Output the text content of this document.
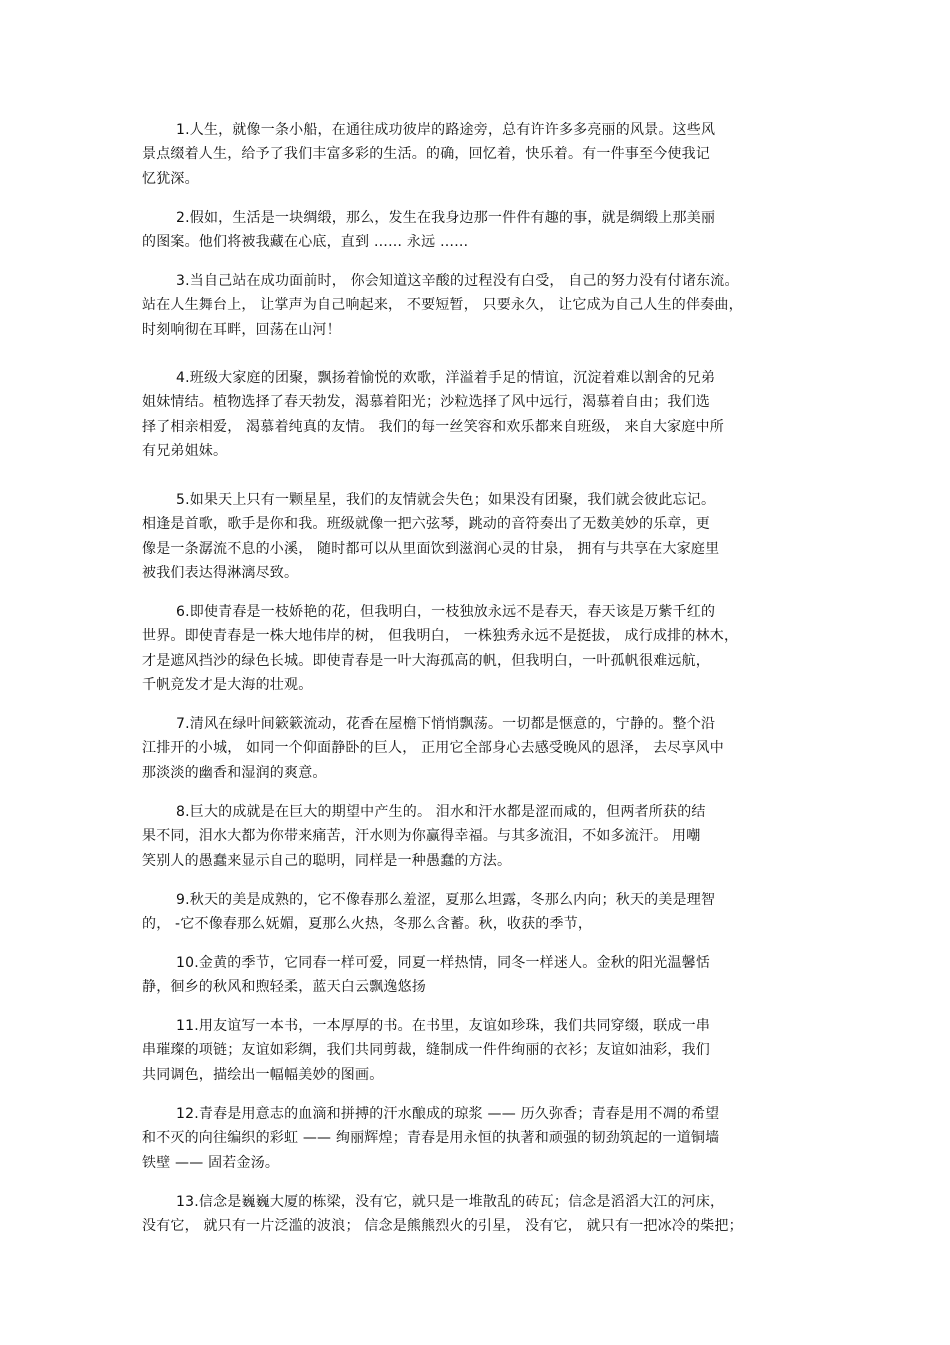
1.人生，就像一条小船，在通往成功彼岸的路途旁，总有许许多多亮丽的风景。这些风
景点缀着人生，给予了我们丰富多彩的生活。的确，回忆着，快乐着。有一件事至今使我记
忆犹深。
2.假如，生活是一块绸缎，那么，发生在我身边那一件件有趣的事，就是绸缎上那美丽
的图案。他们将被我藏在心底，直到 …… 永远 ……
3.当自己站在成功面前时， 你会知道这辛酸的过程没有白受， 自己的努力没有付诸东流。
站在人生舞台上， 让掌声为自己响起来， 不要短暂， 只要永久， 让它成为自己人生的伴奏曲，
时刻响彻在耳畔，回荡在山河！
4.班级大家庭的团聚，飘扬着愉悦的欢歌，洋溢着手足的情谊，沉淀着难以割舍的兄弟
姐妹情结。植物选择了春天勃发，渴慕着阳光；沙粒选择了风中远行，渴慕着自由；我们选
择了相亲相爱， 渴慕着纯真的友情。 我们的每一丝笑容和欢乐都来自班级， 来自大家庭中所
有兄弟姐妹。
5.如果天上只有一颗星星，我们的友情就会失色；如果没有团聚，我们就会彼此忘记。
相逢是首歌，歌手是你和我。班级就像一把六弦琴，跳动的音符奏出了无数美妙的乐章，更
像是一条潺流不息的小溪， 随时都可以从里面饮到滋润心灵的甘泉， 拥有与共享在大家庭里
被我们表达得淋漓尽致。
6.即使青春是一枝娇艳的花，但我明白，一枝独放永远不是春天，春天该是万紫千红的
世界。即使青春是一株大地伟岸的树， 但我明白， 一株独秀永远不是挺拔， 成行成排的林木，
才是遮风挡沙的绿色长城。即使青春是一叶大海孤高的帆，但我明白，一叶孤帆很难远航，
千帆竞发才是大海的壮观。
7.清风在绿叶间簌簌流动，花香在屋檐下悄悄飘荡。一切都是惬意的，宁静的。整个沿
江排开的小城， 如同一个仰面静卧的巨人， 正用它全部身心去感受晚风的恩泽， 去尽享风中
那淡淡的幽香和湿润的爽意。
8.巨大的成就是在巨大的期望中产生的。 泪水和汗水都是涩而咸的，但两者所获的结
果不同，泪水大都为你带来痛苦，汗水则为你赢得幸福。与其多流泪，不如多流汗。 用嘲
笑别人的愚蠢来显示自己的聪明，同样是一种愚蠢的方法。
9.秋天的美是成熟的，它不像春那么羞涩，夏那么坦露，冬那么内向；秋天的美是理智
的， -它不像春那么妩媚，夏那么火热，冬那么含蓄。秋，收获的季节，
10.金黄的季节，它同春一样可爱，同夏一样热情，同冬一样迷人。金秋的阳光温馨恬
静，徊乡的秋风和煦轻柔，蓝天白云飘逸悠扬
11.用友谊写一本书，一本厚厚的书。在书里，友谊如珍珠，我们共同穿缀，联成一串
串璀璨的项链；友谊如彩绸，我们共同剪裁，缝制成一件件绚丽的衣衫；友谊如油彩，我们
共同调色，描绘出一幅幅美妙的图画。
12.青春是用意志的血滴和拼搏的汗水酿成的琼浆 —— 历久弥香；青春是用不凋的希望
和不灭的向往编织的彩虹 —— 绚丽辉煌；青春是用永恒的执著和顽强的韧劲筑起的一道铜墙
铁壁 —— 固若金汤。
13.信念是巍巍大厦的栋梁，没有它，就只是一堆散乱的砖瓦；信念是滔滔大江的河床，
没有它， 就只有一片泛滥的波浪； 信念是熊熊烈火的引星， 没有它， 就只有一把冰冷的柴把；
